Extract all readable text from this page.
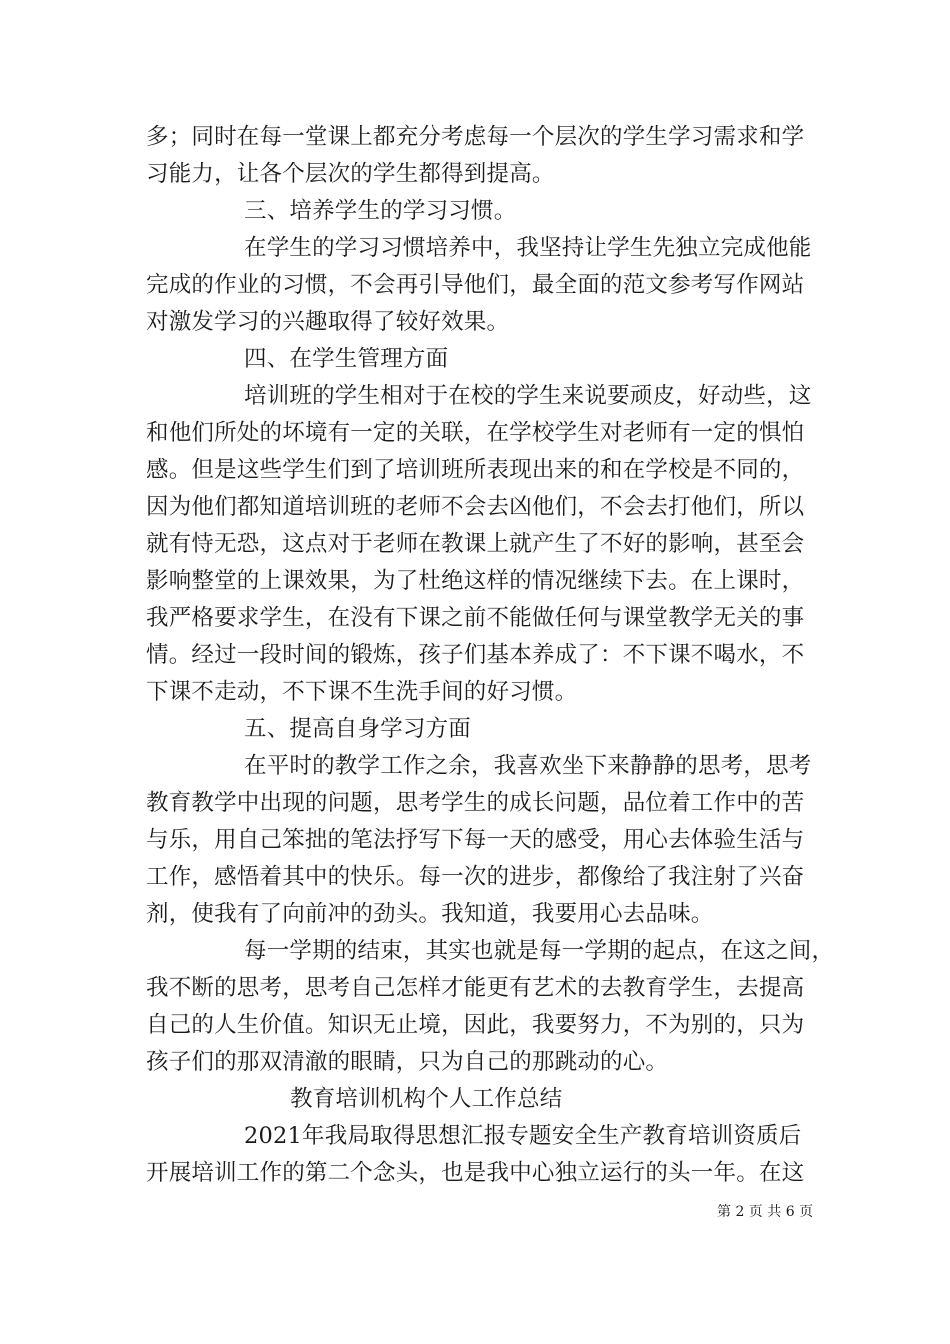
多；同时在每一堂课上都充分考虑每一个层次的学生学习需求和学
习能力，让各个层次的学生都得到提高。
三、培养学生的学习习惯。
在学生的学习习惯培养中，我坚持让学生先独立完成他能
完成的作业的习惯，不会再引导他们，最全面的范文参考写作网站
对激发学习的兴趣取得了较好效果。
四、在学生管理方面
培训班的学生相对于在校的学生来说要顽皮，好动些，这
和他们所处的坏境有一定的关联，在学校学生对老师有一定的惧怕
感。但是这些学生们到了培训班所表现出来的和在学校是不同的，
因为他们都知道培训班的老师不会去凶他们，不会去打他们，所以
就有恃无恐，这点对于老师在教课上就产生了不好的影响，甚至会
影响整堂的上课效果，为了杜绝这样的情况继续下去。在上课时，
我严格要求学生，在没有下课之前不能做任何与课堂教学无关的事
情。经过一段时间的锻炼，孩子们基本养成了：不下课不喝水，不
下课不走动，不下课不生洗手间的好习惯。
五、提高自身学习方面
在平时的教学工作之余，我喜欢坐下来静静的思考，思考
教育教学中出现的问题，思考学生的成长问题，品位着工作中的苦
与乐，用自己笨拙的笔法抒写下每一天的感受，用心去体验生活与
工作，感悟着其中的快乐。每一次的进步，都像给了我注射了兴奋
剂，使我有了向前冲的劲头。我知道，我要用心去品味。
每一学期的结束，其实也就是每一学期的起点，在这之间，
我不断的思考，思考自己怎样才能更有艺术的去教育学生，去提高
自己的人生价值。知识无止境，因此，我要努力，不为别的，只为
孩子们的那双清澈的眼睛，只为自己的那跳动的心。
教育培训机构个人工作总结
2021年我局取得思想汇报专题安全生产教育培训资质后
开展培训工作的第二个念头，也是我中心独立运行的头一年。在这
第 2 页 共 6 页
